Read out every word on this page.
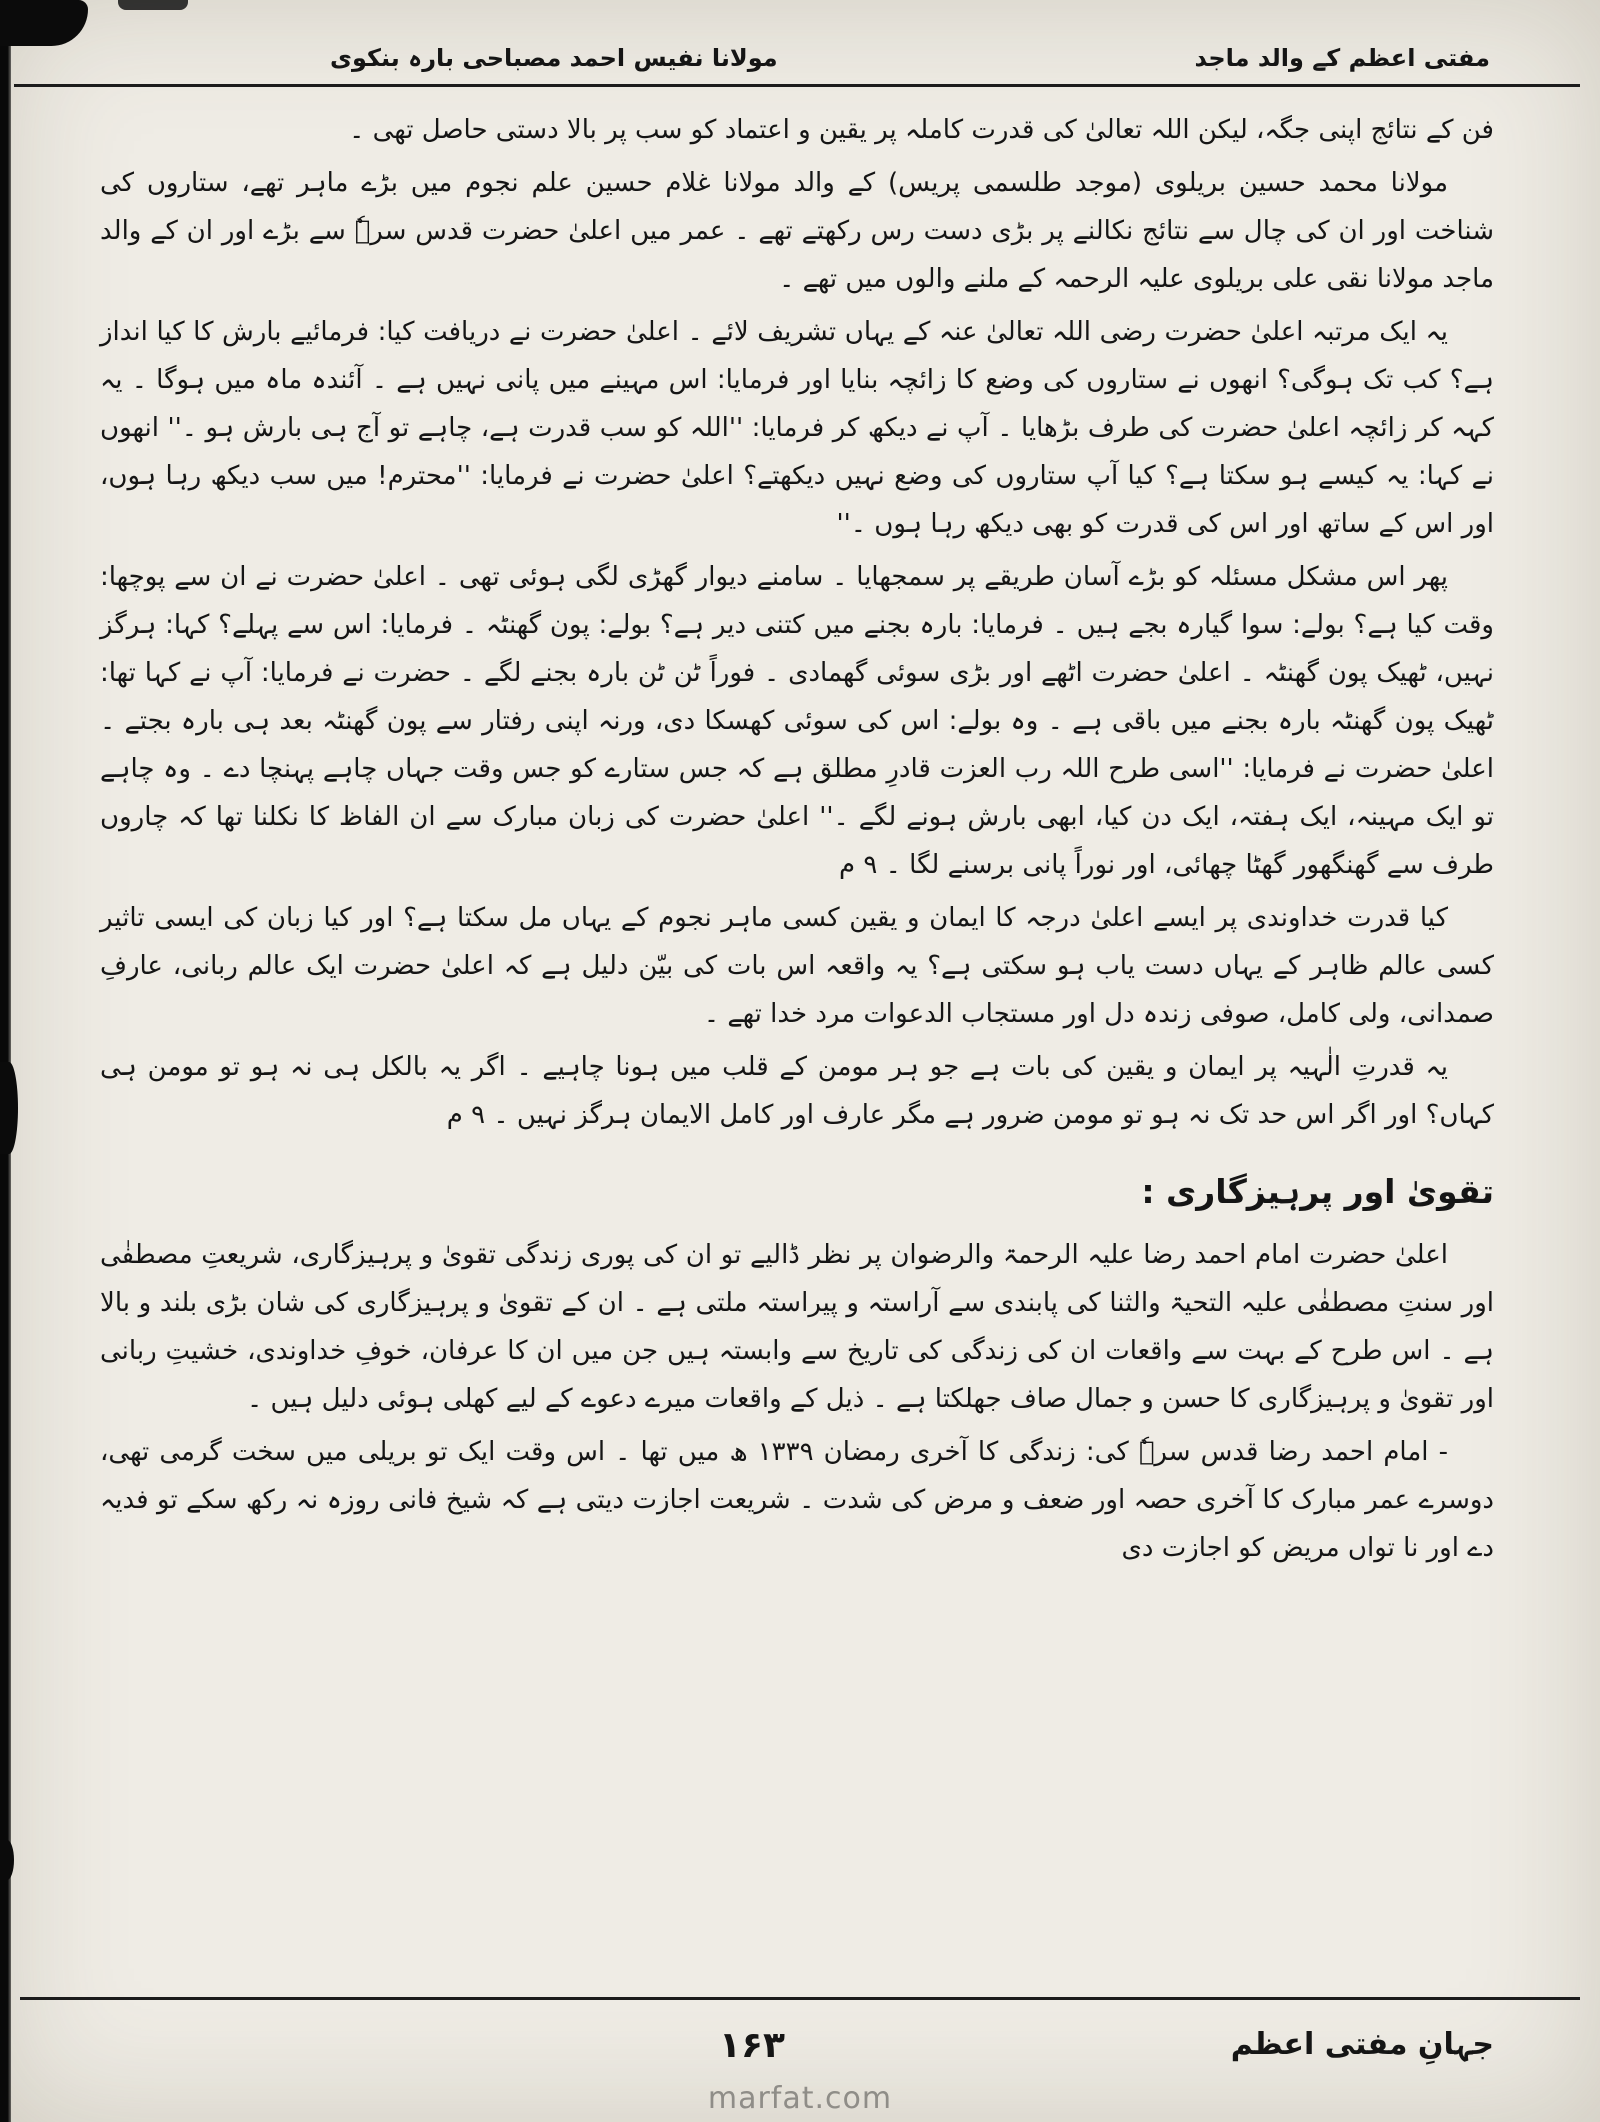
مفتی اعظم کے والد ماجد
مولانا نفیس احمد مصباحی بارہ بنکوی

فن کے نتائج اپنی جگہ، لیکن اللہ تعالیٰ کی قدرت کاملہ پر یقین و اعتماد کو سب پر بالا دستی حاصل تھی ۔

مولانا محمد حسین بریلوی (موجد طلسمی پریس) کے والد مولانا غلام حسین علم نجوم میں بڑے ماہر تھے، ستاروں کی شناخت اور ان کی چال سے نتائج نکالنے پر بڑی دست رس رکھتے تھے ۔ عمر میں اعلیٰ حضرت قدس سرہٗ سے بڑے اور ان کے والد ماجد مولانا نقی علی بریلوی علیہ الرحمہ کے ملنے والوں میں تھے ۔

یہ ایک مرتبہ اعلیٰ حضرت رضی اللہ تعالیٰ عنہ کے یہاں تشریف لائے ۔ اعلیٰ حضرت نے دریافت کیا: فرمائیے بارش کا کیا انداز ہے؟ کب تک ہوگی؟ انھوں نے ستاروں کی وضع کا زائچہ بنایا اور فرمایا: اس مہینے میں پانی نہیں ہے ۔ آئندہ ماہ میں ہوگا ۔ یہ کہہ کر زائچہ اعلیٰ حضرت کی طرف بڑھایا ۔ آپ نے دیکھ کر فرمایا: ''اللہ کو سب قدرت ہے، چاہے تو آج ہی بارش ہو ۔'' انھوں نے کہا: یہ کیسے ہو سکتا ہے؟ کیا آپ ستاروں کی وضع نہیں دیکھتے؟ اعلیٰ حضرت نے فرمایا: ''محترم! میں سب دیکھ رہا ہوں، اور اس کے ساتھ اور اس کی قدرت کو بھی دیکھ رہا ہوں ۔''

پھر اس مشکل مسئلہ کو بڑے آسان طریقے پر سمجھایا ۔ سامنے دیوار گھڑی لگی ہوئی تھی ۔ اعلیٰ حضرت نے ان سے پوچھا: وقت کیا ہے؟ بولے: سوا گیارہ بجے ہیں ۔ فرمایا: بارہ بجنے میں کتنی دیر ہے؟ بولے: پون گھنٹہ ۔ فرمایا: اس سے پہلے؟ کہا: ہرگز نہیں، ٹھیک پون گھنٹہ ۔ اعلیٰ حضرت اٹھے اور بڑی سوئی گھمادی ۔ فوراً ٹن ٹن بارہ بجنے لگے ۔ حضرت نے فرمایا: آپ نے کہا تھا: ٹھیک پون گھنٹہ بارہ بجنے میں باقی ہے ۔ وہ بولے: اس کی سوئی کھسکا دی، ورنہ اپنی رفتار سے پون گھنٹہ بعد ہی بارہ بجتے ۔ اعلیٰ حضرت نے فرمایا: ''اسی طرح اللہ رب العزت قادرِ مطلق ہے کہ جس ستارے کو جس وقت جہاں چاہے پہنچا دے ۔ وہ چاہے تو ایک مہینہ، ایک ہفتہ، ایک دن کیا، ابھی بارش ہونے لگے ۔'' اعلیٰ حضرت کی زبان مبارک سے ان الفاظ کا نکلنا تھا کہ چاروں طرف سے گھنگھور گھٹا چھائی، اور نوراً پانی برسنے لگا ۔ ۹ م

کیا قدرت خداوندی پر ایسے اعلیٰ درجہ کا ایمان و یقین کسی ماہر نجوم کے یہاں مل سکتا ہے؟ اور کیا زبان کی ایسی تاثیر کسی عالم ظاہر کے یہاں دست یاب ہو سکتی ہے؟ یہ واقعہ اس بات کی بیّن دلیل ہے کہ اعلیٰ حضرت ایک عالم ربانی، عارفِ صمدانی، ولی کامل، صوفی زندہ دل اور مستجاب الدعوات مرد خدا تھے ۔

یہ قدرتِ الٰہیہ پر ایمان و یقین کی بات ہے جو ہر مومن کے قلب میں ہونا چاہیے ۔ اگر یہ بالکل ہی نہ ہو تو مومن ہی کہاں؟ اور اگر اس حد تک نہ ہو تو مومن ضرور ہے مگر عارف اور کامل الایمان ہرگز نہیں ۔ ۹ م

تقویٰ اور پرہیزگاری :

اعلیٰ حضرت امام احمد رضا علیہ الرحمۃ والرضوان پر نظر ڈالیے تو ان کی پوری زندگی تقویٰ و پرہیزگاری، شریعتِ مصطفٰی اور سنتِ مصطفٰی علیہ التحیۃ والثنا کی پابندی سے آراستہ و پیراستہ ملتی ہے ۔ ان کے تقویٰ و پرہیزگاری کی شان بڑی بلند و بالا ہے ۔ اس طرح کے بہت سے واقعات ان کی زندگی کی تاریخ سے وابستہ ہیں جن میں ان کا عرفان، خوفِ خداوندی، خشیتِ ربانی اور تقویٰ و پرہیزگاری کا حسن و جمال صاف جھلکتا ہے ۔ ذیل کے واقعات میرے دعوے کے لیے کھلی ہوئی دلیل ہیں ۔

- امام احمد رضا قدس سرہٗ کی: زندگی کا آخری رمضان ۱۳۳۹ ھ میں تھا ۔ اس وقت ایک تو بریلی میں سخت گرمی تھی، دوسرے عمر مبارک کا آخری حصہ اور ضعف و مرض کی شدت ۔ شریعت اجازت دیتی ہے کہ شیخ فانی روزہ نہ رکھ سکے تو فدیہ دے اور نا تواں مریض کو اجازت دی

جہانِ مفتی اعظم
۱۶۳
marfat.com
